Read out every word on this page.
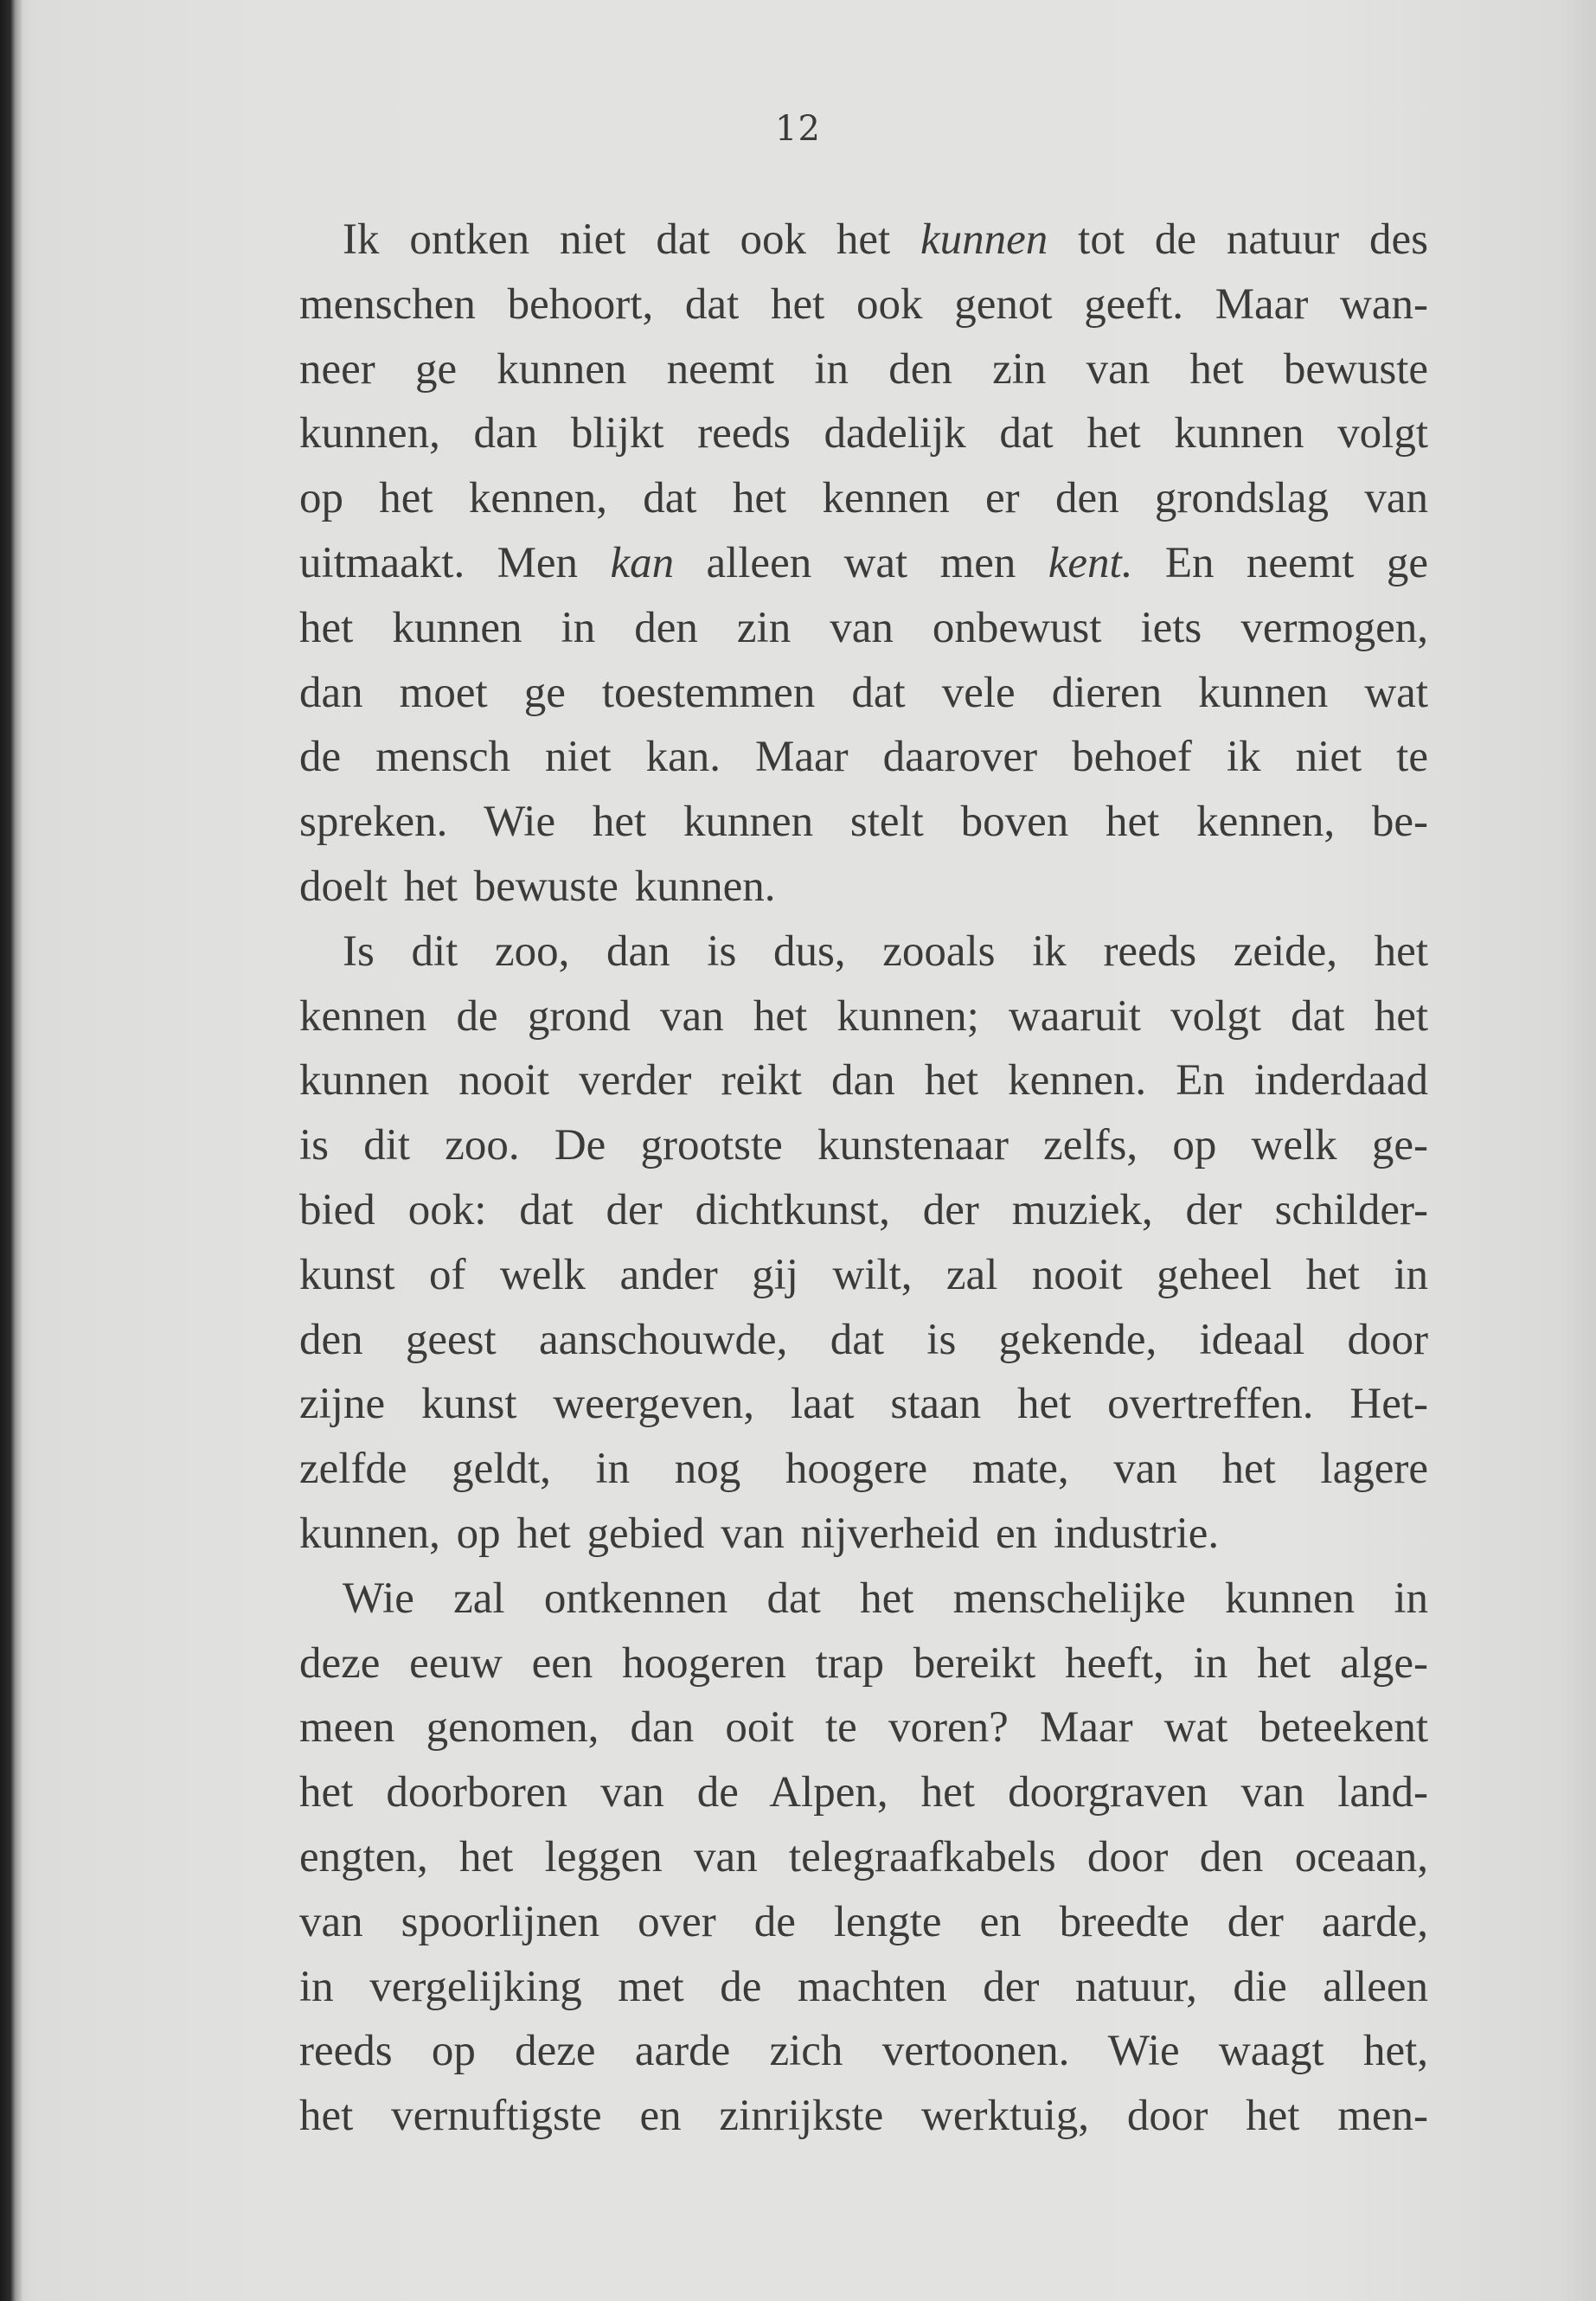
12
Ik ontken niet dat ook het kunnen tot de natuur des
menschen behoort, dat het ook genot geeft. Maar wan-
neer ge kunnen neemt in den zin van het bewuste
kunnen, dan blijkt reeds dadelijk dat het kunnen volgt
op het kennen, dat het kennen er den grondslag van
uitmaakt. Men kan alleen wat men kent. En neemt ge
het kunnen in den zin van onbewust iets vermogen,
dan moet ge toestemmen dat vele dieren kunnen wat
de mensch niet kan. Maar daarover behoef ik niet te
spreken. Wie het kunnen stelt boven het kennen, be-
doelt het bewuste kunnen.
Is dit zoo, dan is dus, zooals ik reeds zeide, het
kennen de grond van het kunnen; waaruit volgt dat het
kunnen nooit verder reikt dan het kennen. En inderdaad
is dit zoo. De grootste kunstenaar zelfs, op welk ge-
bied ook: dat der dichtkunst, der muziek, der schilder-
kunst of welk ander gij wilt, zal nooit geheel het in
den geest aanschouwde, dat is gekende, ideaal door
zijne kunst weergeven, laat staan het overtreffen. Het-
zelfde geldt, in nog hoogere mate, van het lagere
kunnen, op het gebied van nijverheid en industrie.
Wie zal ontkennen dat het menschelijke kunnen in
deze eeuw een hoogeren trap bereikt heeft, in het alge-
meen genomen, dan ooit te voren? Maar wat beteekent
het doorboren van de Alpen, het doorgraven van land-
engten, het leggen van telegraafkabels door den oceaan,
van spoorlijnen over de lengte en breedte der aarde,
in vergelijking met de machten der natuur, die alleen
reeds op deze aarde zich vertoonen. Wie waagt het,
het vernuftigste en zinrijkste werktuig, door het men-
